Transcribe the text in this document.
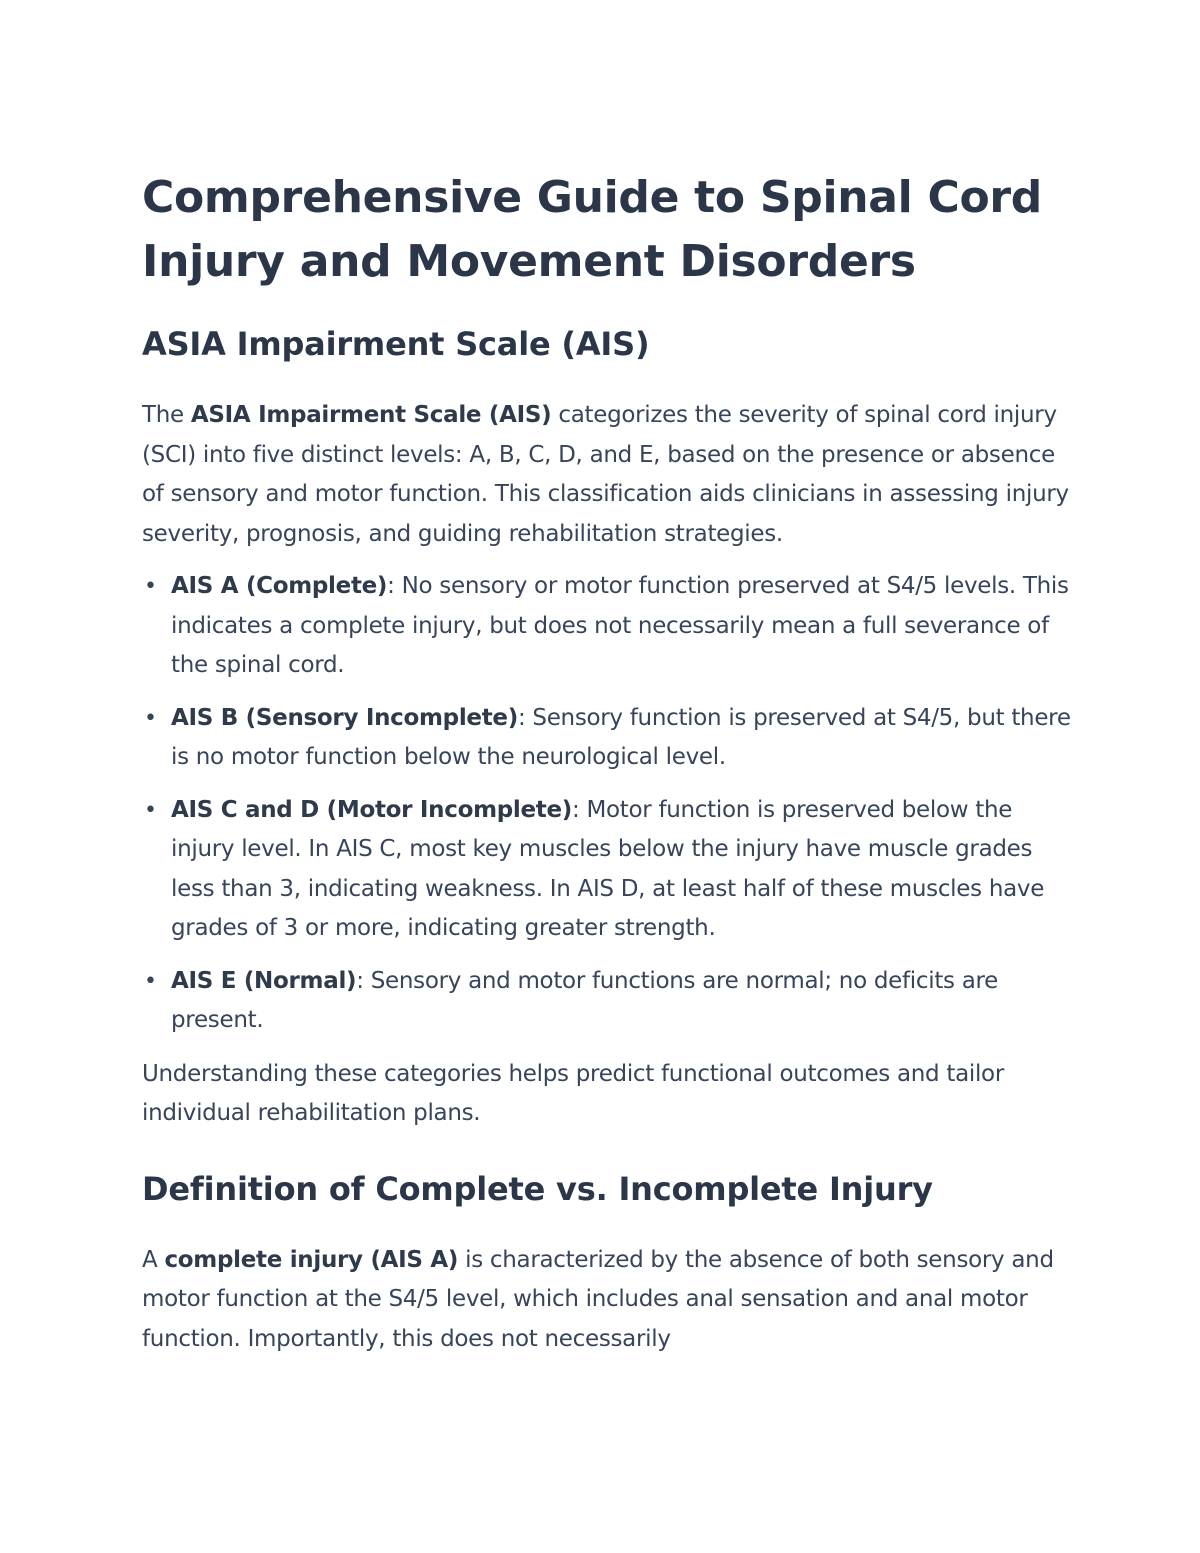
Comprehensive Guide to Spinal Cord Injury and Movement Disorders
ASIA Impairment Scale (AIS)

The ASIA Impairment Scale (AIS) categorizes the severity of spinal cord injury (SCI) into five distinct levels: A, B, C, D, and E, based on the presence or absence of sensory and motor function. This classification aids clinicians in assessing injury severity, prognosis, and guiding rehabilitation strategies.

• AIS A (Complete): No sensory or motor function preserved at S4/5 levels. This indicates a complete injury, but does not necessarily mean a full severance of the spinal cord.
• AIS B (Sensory Incomplete): Sensory function is preserved at S4/5, but there is no motor function below the neurological level.
• AIS C and D (Motor Incomplete): Motor function is preserved below the injury level. In AIS C, most key muscles below the injury have muscle grades less than 3, indicating weakness. In AIS D, at least half of these muscles have grades of 3 or more, indicating greater strength.
• AIS E (Normal): Sensory and motor functions are normal; no deficits are present.

Understanding these categories helps predict functional outcomes and tailor individual rehabilitation plans.

Definition of Complete vs. Incomplete Injury

A complete injury (AIS A) is characterized by the absence of both sensory and motor function at the S4/5 level, which includes anal sensation and anal motor function. Importantly, this does not necessarily
